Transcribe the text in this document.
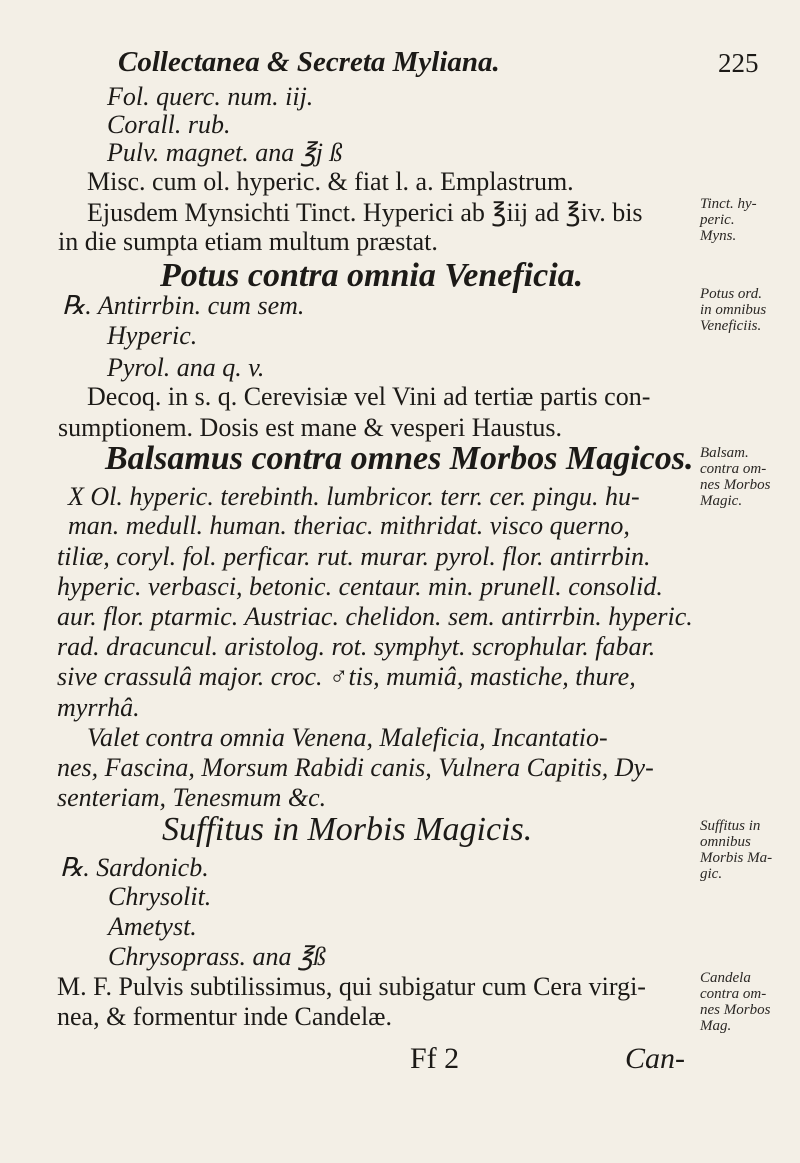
Collectanea & Secreta Myliana.	225
Fol. querc. num. iij.
Corall. rub.
Pulv. magnet. ana ℥j ß
Misc. cum ol. hyperic. & fiat l. a. Emplastrum.
Ejusdem Mynsichti Tinct. Hyperici ab ℥iij ad ℥iv. bis
in die sumpta etiam multum præstat.
Potus contra omnia Veneficia.
℞. Antirrbin. cum sem.
Hyperic.
Pyrol. ana q. v.
Decoq. in s. q. Cerevisiæ vel Vini ad tertiæ partis con-
sumptionem. Dosis est mane & vesperi Haustus.
Balsamus contra omnes Morbos Magicos.
X Ol. hyperic. terebinth. lumbricor. terr. cer. pingu. hu-
man. medull. human. theriac. mithridat. visco querno,
tiliæ, coryl. fol. perficar. rut. murar. pyrol. flor. antirrbin.
hyperic. verbasci, betonic. centaur. min. prunell. consolid.
aur. flor. ptarmic. Austriac. chelidon. sem. antirrbin. hyperic.
rad. dracuncul. aristolog. rot. symphyt. scrophular. fabar.
sive crassulâ major. croc. ♂tis, mumiâ, mastiche, thure,
myrrhâ.
Valet contra omnia Venena, Maleficia, Incantatio-
nes, Fascina, Morsum Rabidi canis, Vulnera Capitis, Dy-
senteriam, Tenesmum &c.
Suffitus in Morbis Magicis.
℞. Sardonicb.
Chrysolit.
Ametyst.
Chrysoprass. ana ℥ß
M. F. Pulvis subtilissimus, qui subigatur cum Cera virgi-
nea, & formentur inde Candelæ.
Tinct. hy-
peric.
Myns.
Potus ord.
in omnibus
Veneficiis.
Balsam.
contra om-
nes Morbos
Magic.
Suffitus in
omnibus
Morbis Ma-
gic.
Candela
contra om-
nes Morbos
Mag.
Ff 2	Can-
